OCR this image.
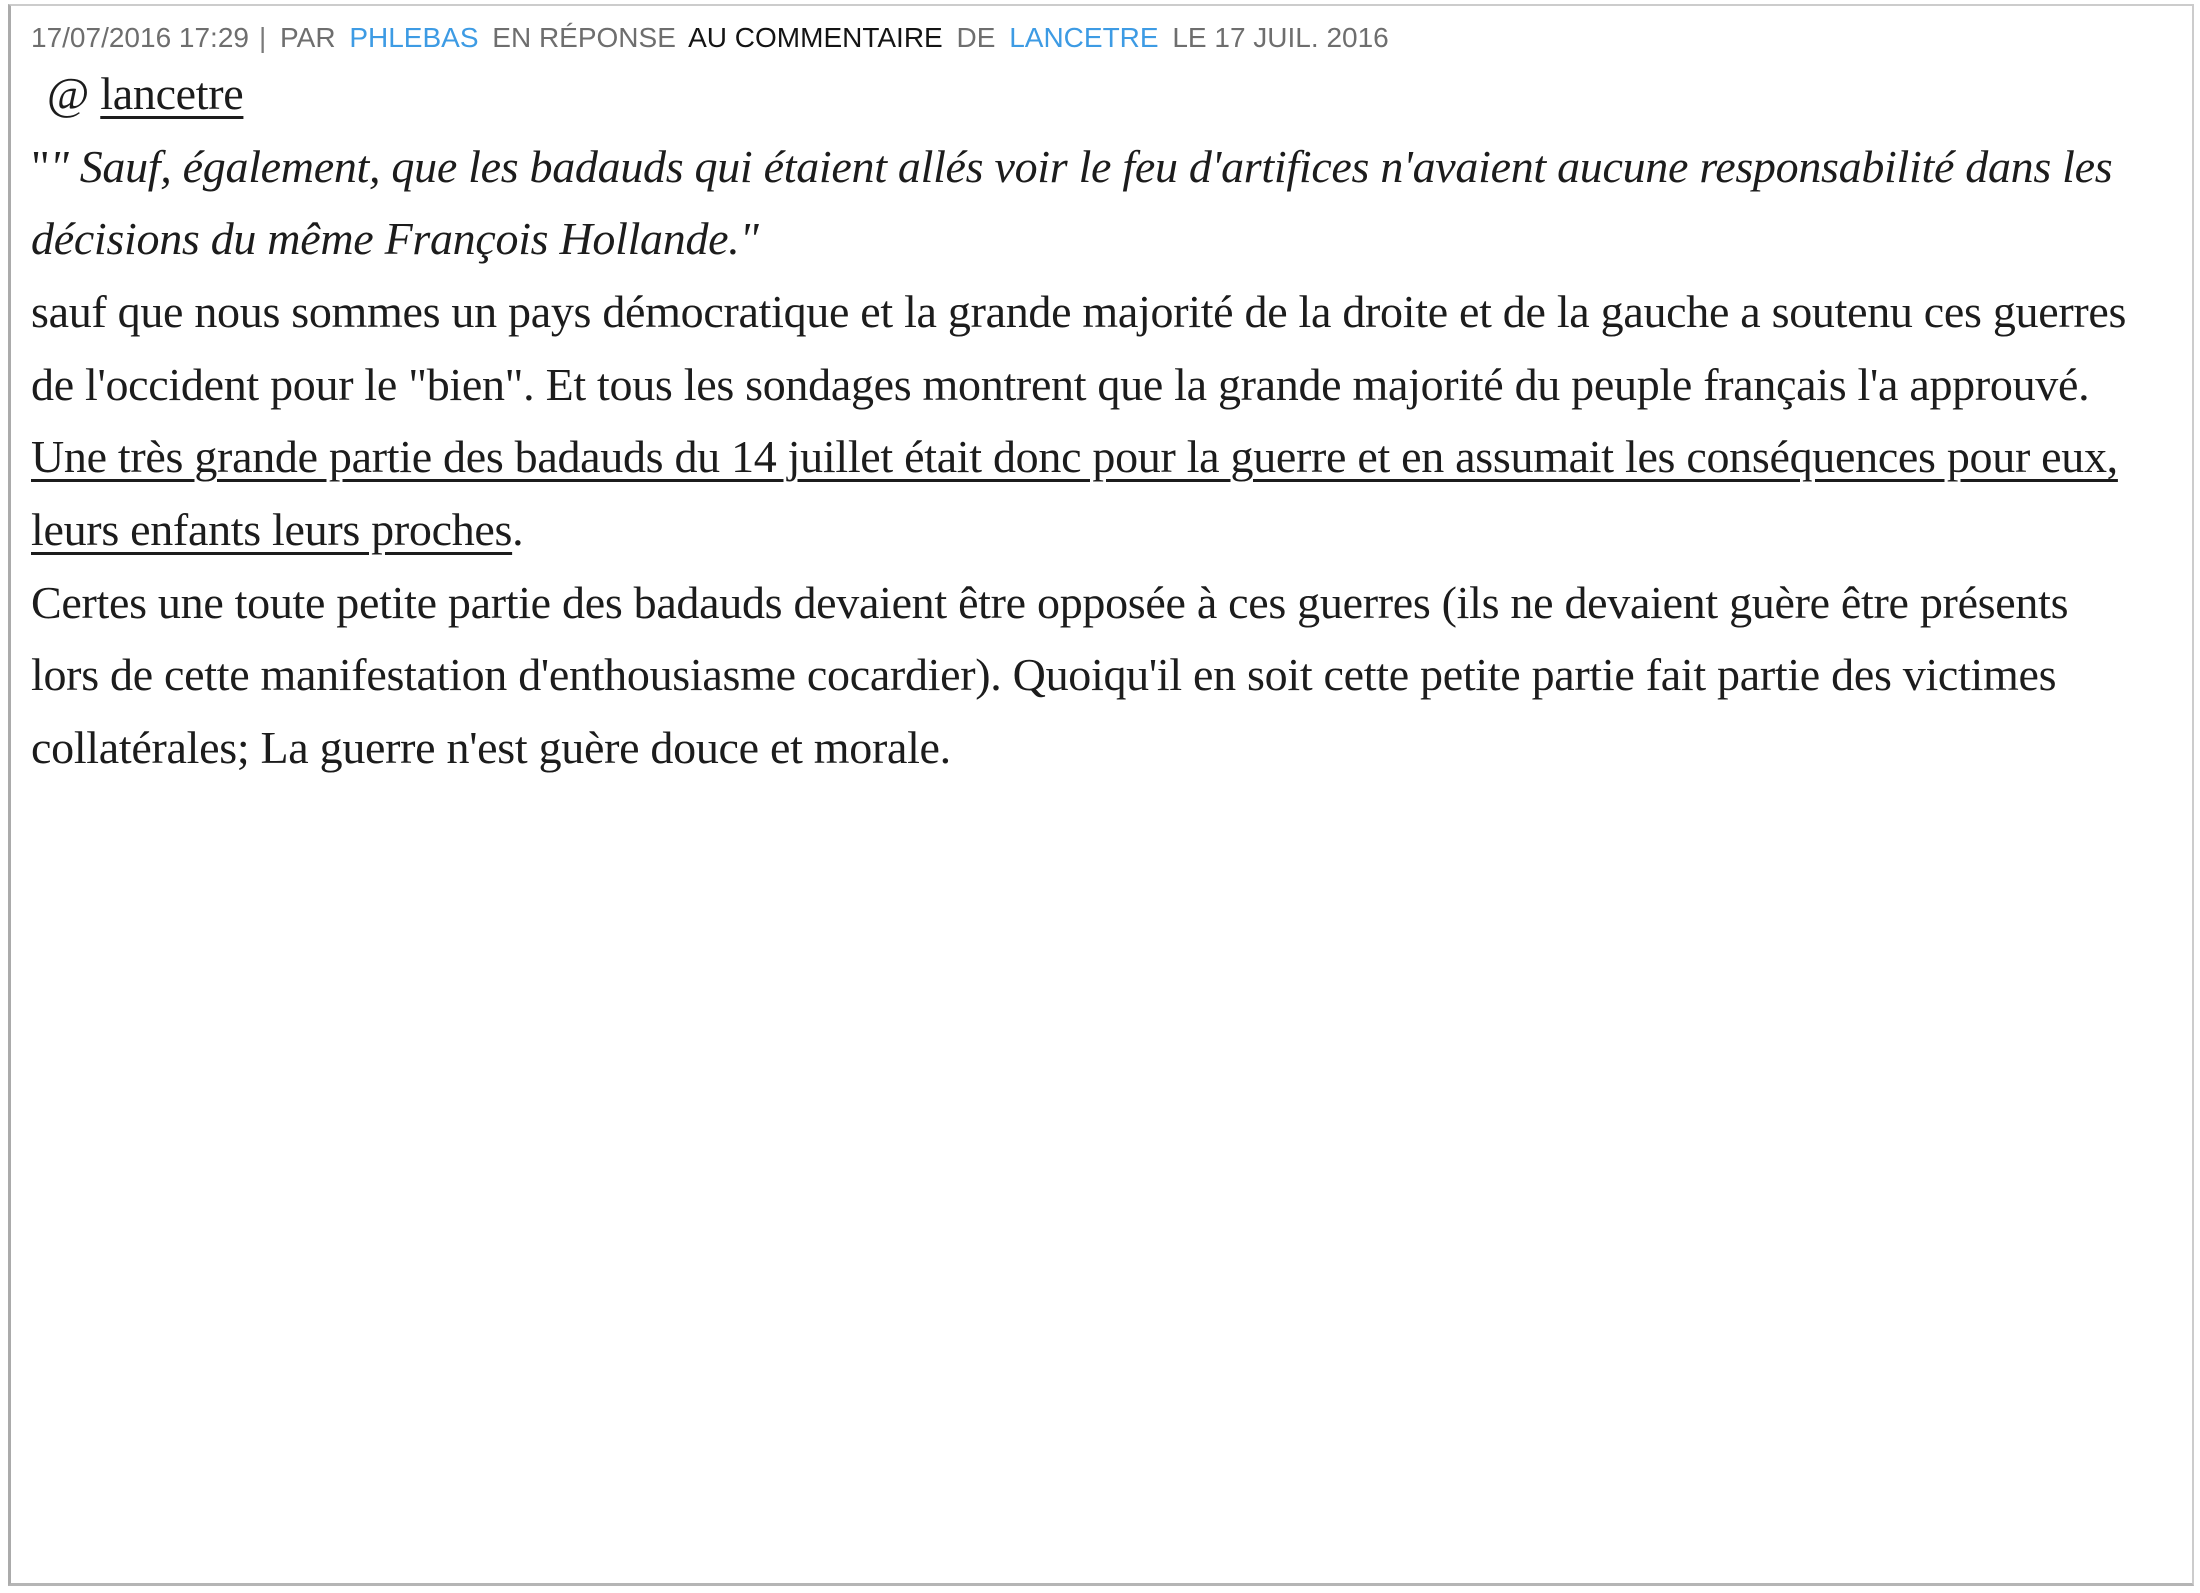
17/07/2016 17:29 | PAR PHLEBAS EN RÉPONSE AU COMMENTAIRE DE LANCETRE LE 17 JUIL. 2016

@ lancetre

"" Sauf, également, que les badauds qui étaient allés voir le feu d'artifices n'avaient aucune responsabilité dans les décisions du même François Hollande."

sauf que nous sommes un pays démocratique et la grande majorité de la droite et de la gauche a soutenu ces guerres de l'occident pour le "bien". Et tous les sondages montrent que la grande majorité du peuple français l'a approuvé.

Une très grande partie des badauds du 14 juillet était donc pour la guerre et en assumait les conséquences pour eux, leurs enfants leurs proches.

Certes une toute petite partie des badauds devaient être opposée à ces guerres (ils ne devaient guère être présents lors de cette manifestation d'enthousiasme cocardier). Quoiqu'il en soit cette petite partie fait partie des victimes collatérales; La guerre n'est guère douce et morale.
